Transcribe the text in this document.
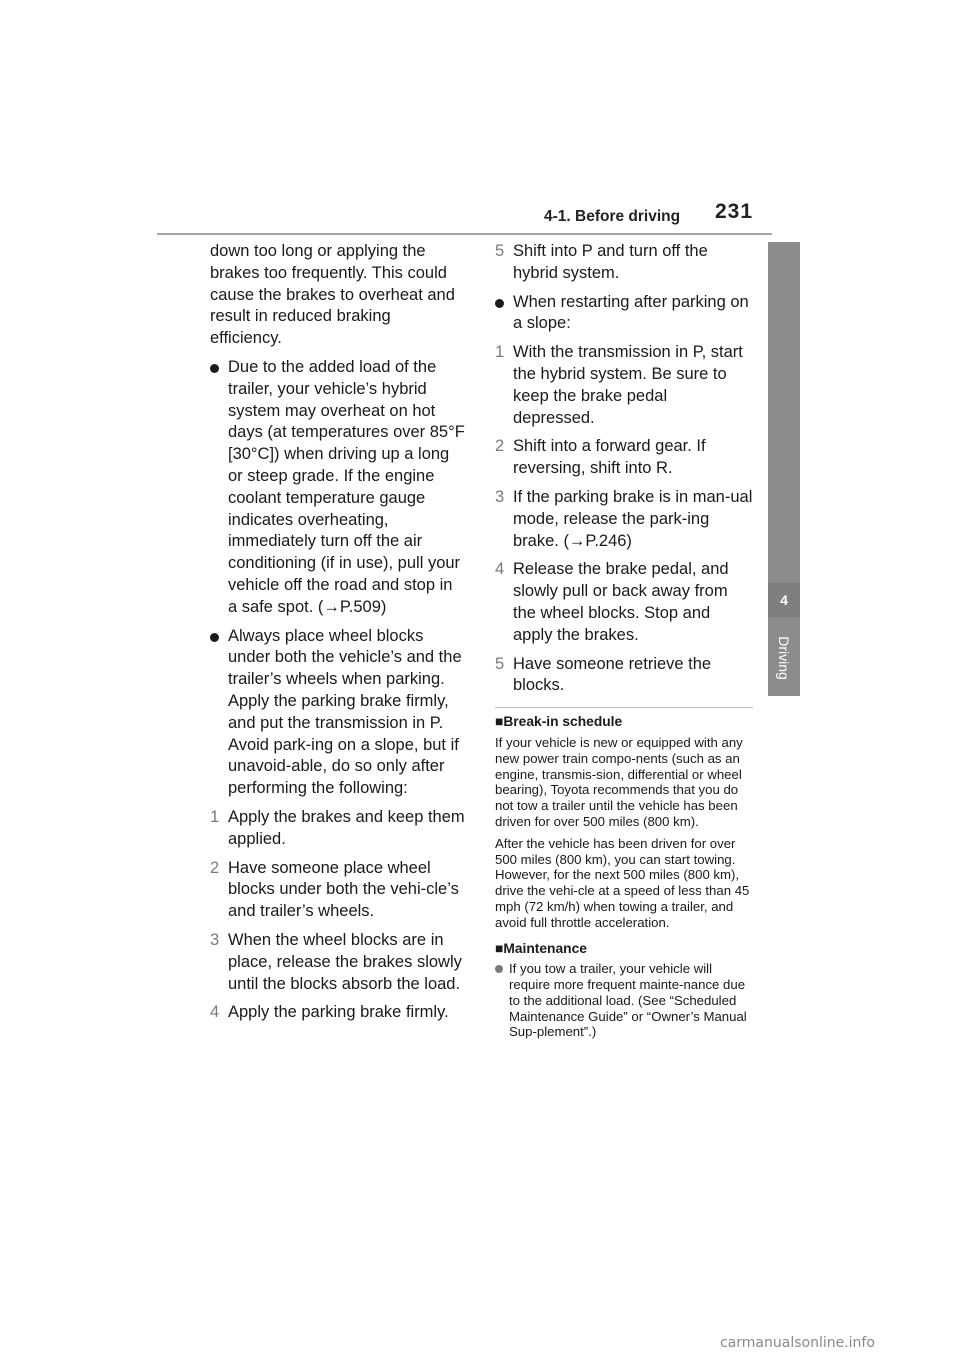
4-1. Before driving 231
4
Driving

down too long or applying the brakes too frequently. This could cause the brakes to overheat and result in reduced braking efficiency.

Due to the added load of the trailer, your vehicle’s hybrid system may overheat on hot days (at temperatures over 85°F [30°C]) when driving up a long or steep grade. If the engine coolant temperature gauge indicates overheating, immediately turn off the air conditioning (if in use), pull your vehicle off the road and stop in a safe spot. (→P.509)
Always place wheel blocks under both the vehicle’s and the trailer’s wheels when parking. Apply the parking brake firmly, and put the transmission in P. Avoid park-ing on a slope, but if unavoid-able, do so only after performing the following:
1 Apply the brakes and keep them applied.
2 Have someone place wheel blocks under both the vehi-cle’s and trailer’s wheels.
3 When the wheel blocks are in place, release the brakes slowly until the blocks absorb the load.
4 Apply the parking brake firmly.
5 Shift into P and turn off the hybrid system.
When restarting after parking on a slope:
1 With the transmission in P, start the hybrid system. Be sure to keep the brake pedal depressed.
2 Shift into a forward gear. If reversing, shift into R.
3 If the parking brake is in man-ual mode, release the park-ing brake. (→P.246)
4 Release the brake pedal, and slowly pull or back away from the wheel blocks. Stop and apply the brakes.
5 Have someone retrieve the blocks.
■Break-in schedule

If your vehicle is new or equipped with any new power train compo-nents (such as an engine, transmis-sion, differential or wheel bearing), Toyota recommends that you do not tow a trailer until the vehicle has been driven for over 500 miles (800 km).

After the vehicle has been driven for over 500 miles (800 km), you can start towing. However, for the next 500 miles (800 km), drive the vehi-cle at a speed of less than 45 mph (72 km/h) when towing a trailer, and avoid full throttle acceleration.

■Maintenance
If you tow a trailer, your vehicle will require more frequent mainte-nance due to the additional load. (See “Scheduled Maintenance Guide” or “Owner’s Manual Sup-plement”.)
carmanualsonline.info
